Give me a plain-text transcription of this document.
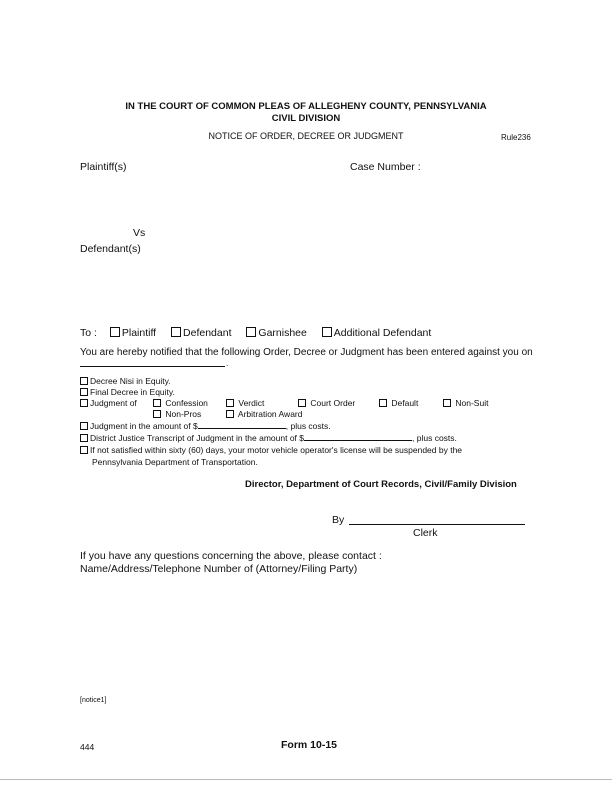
IN THE COURT OF COMMON PLEAS OF ALLEGHENY COUNTY, PENNSYLVANIA
CIVIL DIVISION
NOTICE OF ORDER, DECREE OR JUDGMENT	Rule236
Plaintiff(s)	Case Number :
Vs
Defendant(s)
To : Plaintiff	Defendant	Garnishee	Additional Defendant
You are hereby notified that the following Order, Decree or Judgment has been entered against you on
.
Decree Nisi in Equity.
Final Decree in Equity.
Judgment of	Confession	Verdict	Court Order	Default	Non-Suit
Non-Pros	Arbitration Award
Judgment in the amount of $	, plus costs.
District Justice Transcript of Judgment in the amount of $	, plus costs.
If not satisfied within sixty (60) days, your motor vehicle operator's license will be suspended by the
Pennsylvania Department of Transportation.
Director, Department of Court Records, Civil/Family Division
By
Clerk
If you have any questions concerning the above, please contact :
Name/Address/Telephone Number of (Attorney/Filing Party)
[notice1]
444	Form 10-15
